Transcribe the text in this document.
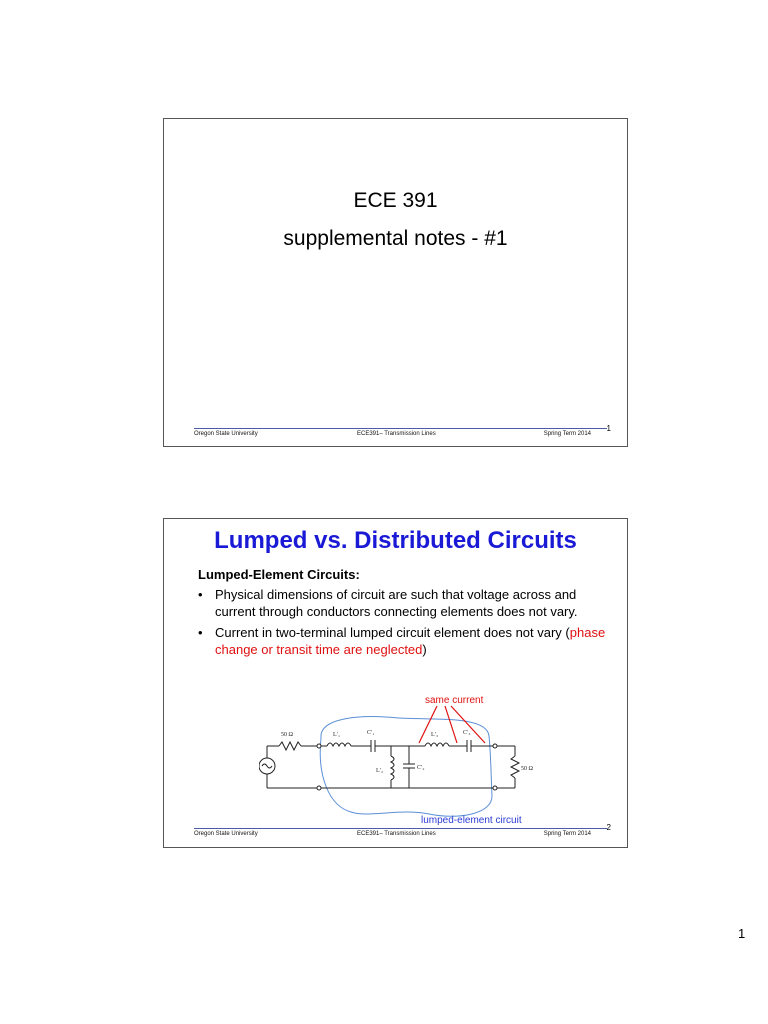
ECE 391
supplemental notes - #1
1
Oregon State University	ECE391– Transmission Lines	Spring Term 2014
Lumped vs. Distributed Circuits
Lumped-Element Circuits:
• Physical dimensions of circuit are such that voltage across and current through conductors connecting elements does not vary.
• Current in two-terminal lumped circuit element does not vary (phase change or transit time are neglected)
same current
50 Ω	L′₁	C′₁
L′₂	C′₂
L′₃	C′₃
50 Ω
lumped-element circuit
2
Oregon State University	ECE391– Transmission Lines	Spring Term 2014
1
